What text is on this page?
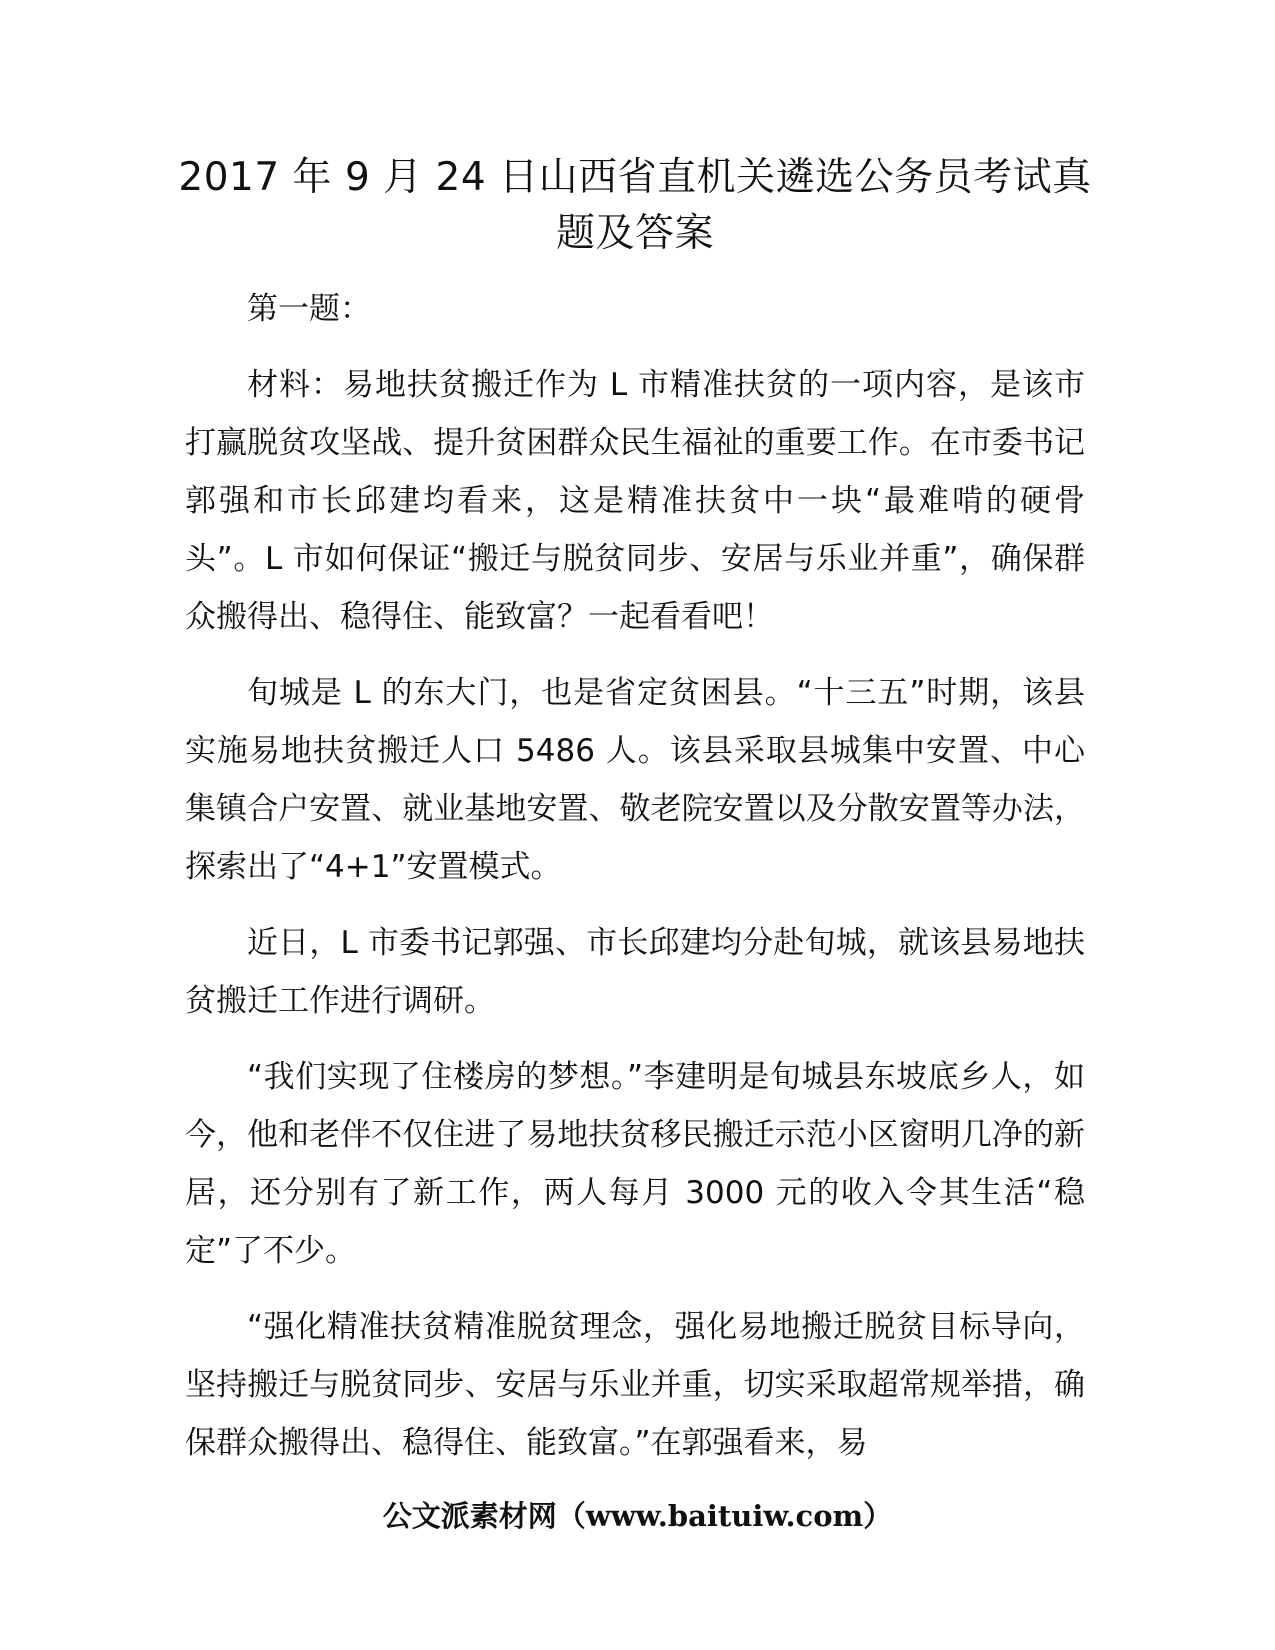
2017 年 9 月 24 日山西省直机关遴选公务员考试真题及答案

第一题：

材料：易地扶贫搬迁作为 L 市精准扶贫的一项内容，是该市打赢脱贫攻坚战、提升贫困群众民生福祉的重要工作。在市委书记郭强和市长邱建均看来，这是精准扶贫中一块“最难啃的硬骨头”。L 市如何保证“搬迁与脱贫同步、安居与乐业并重”，确保群众搬得出、稳得住、能致富？一起看看吧！

旬城是 L 的东大门，也是省定贫困县。“十三五”时期，该县实施易地扶贫搬迁人口 5486 人。该县采取县城集中安置、中心集镇合户安置、就业基地安置、敬老院安置以及分散安置等办法，探索出了“4+1”安置模式。

近日，L 市委书记郭强、市长邱建均分赴旬城，就该县易地扶贫搬迁工作进行调研。

“我们实现了住楼房的梦想。”李建明是旬城县东坡底乡人，如今，他和老伴不仅住进了易地扶贫移民搬迁示范小区窗明几净的新居，还分别有了新工作，两人每月 3000 元的收入令其生活“稳定”了不少。

“强化精准扶贫精准脱贫理念，强化易地搬迁脱贫目标导向，坚持搬迁与脱贫同步、安居与乐业并重，切实采取超常规举措，确保群众搬得出、稳得住、能致富。”在郭强看来，易

公文派素材网（www.baituiw.com）
